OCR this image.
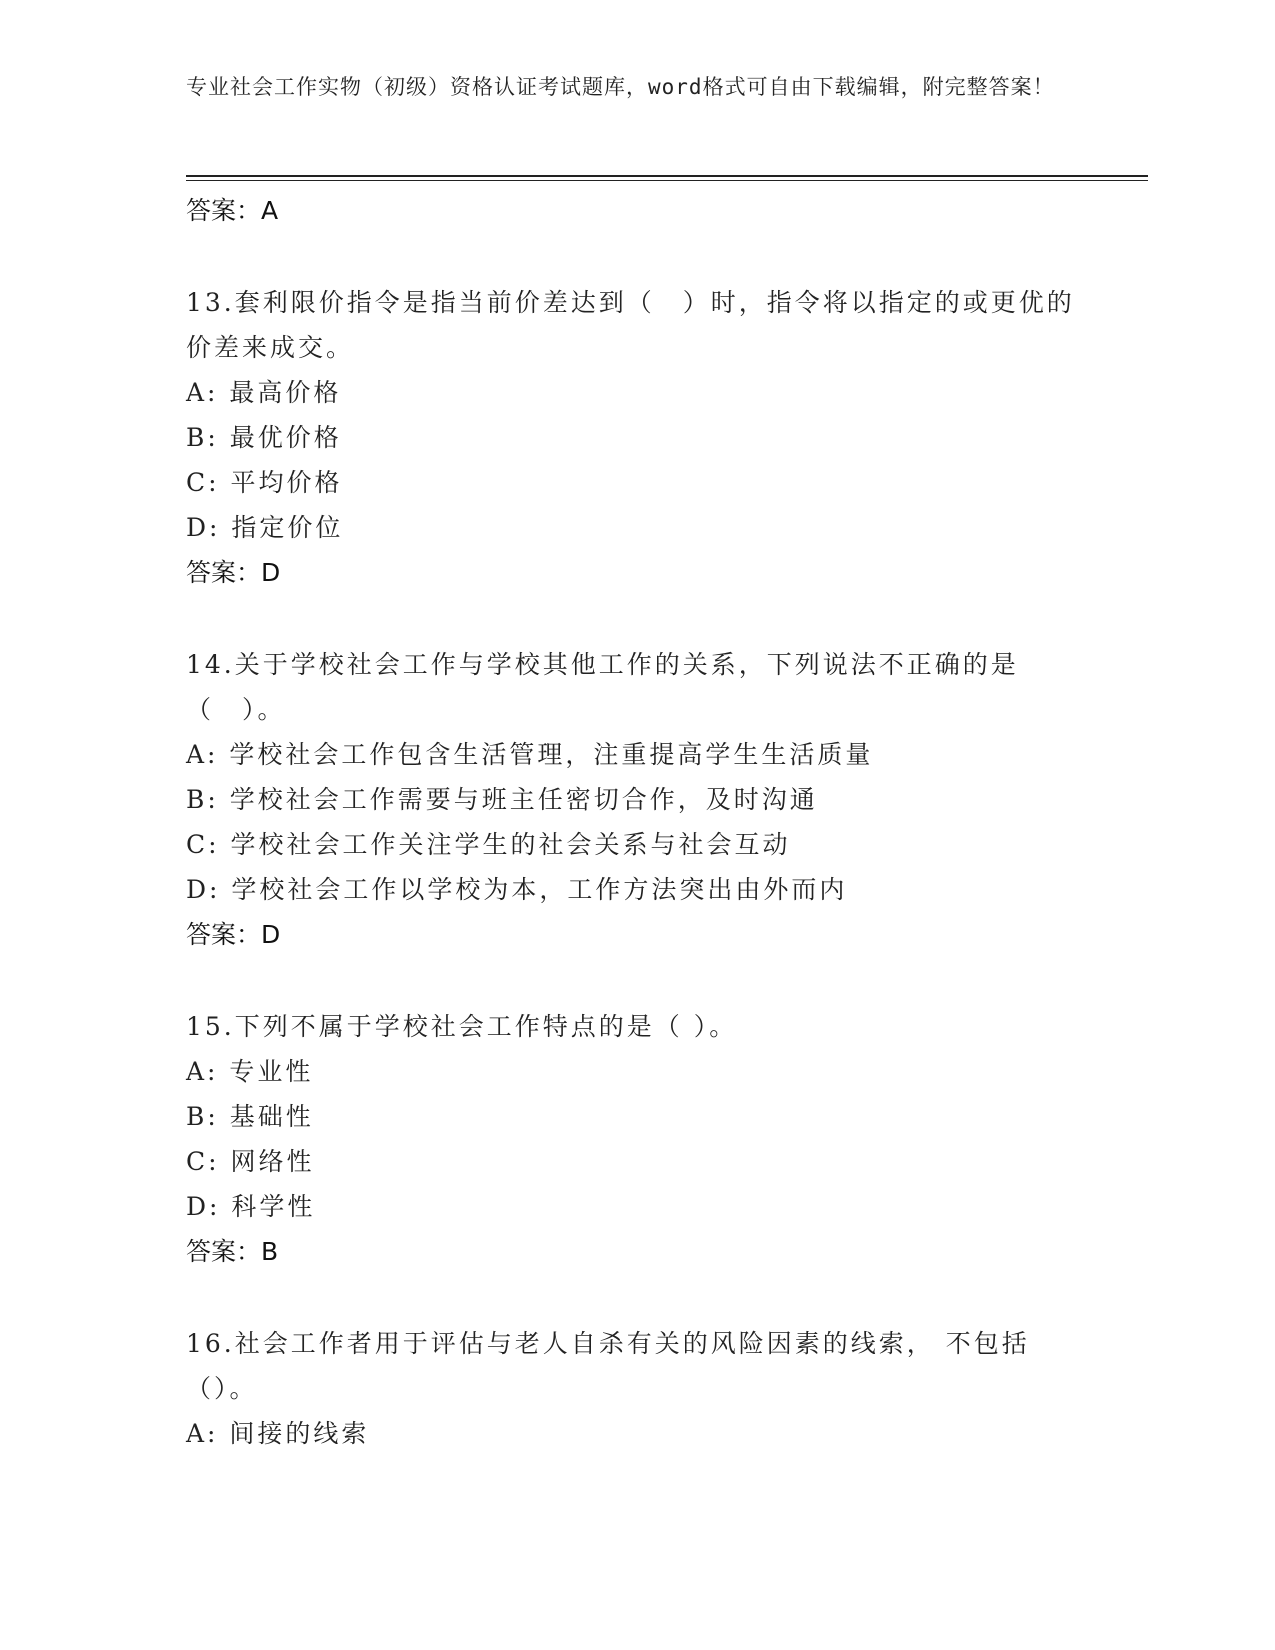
专业社会工作实物（初级）资格认证考试题库，word格式可自由下载编辑，附完整答案！
答案：A
13.套利限价指令是指当前价差达到（　）时，指令将以指定的或更优的价差来成交。
A: 最高价格
B: 最优价格
C: 平均价格
D: 指定价位
答案：D
14.关于学校社会工作与学校其他工作的关系，下列说法不正确的是（　）。
A: 学校社会工作包含生活管理，注重提高学生生活质量
B: 学校社会工作需要与班主任密切合作，及时沟通
C: 学校社会工作关注学生的社会关系与社会互动
D: 学校社会工作以学校为本，工作方法突出由外而内
答案：D
15.下列不属于学校社会工作特点的是（ ）。
A: 专业性
B: 基础性
C: 网络性
D: 科学性
答案：B
16.社会工作者用于评估与老人自杀有关的风险因素的线索， 不包括（）。
A: 间接的线索
